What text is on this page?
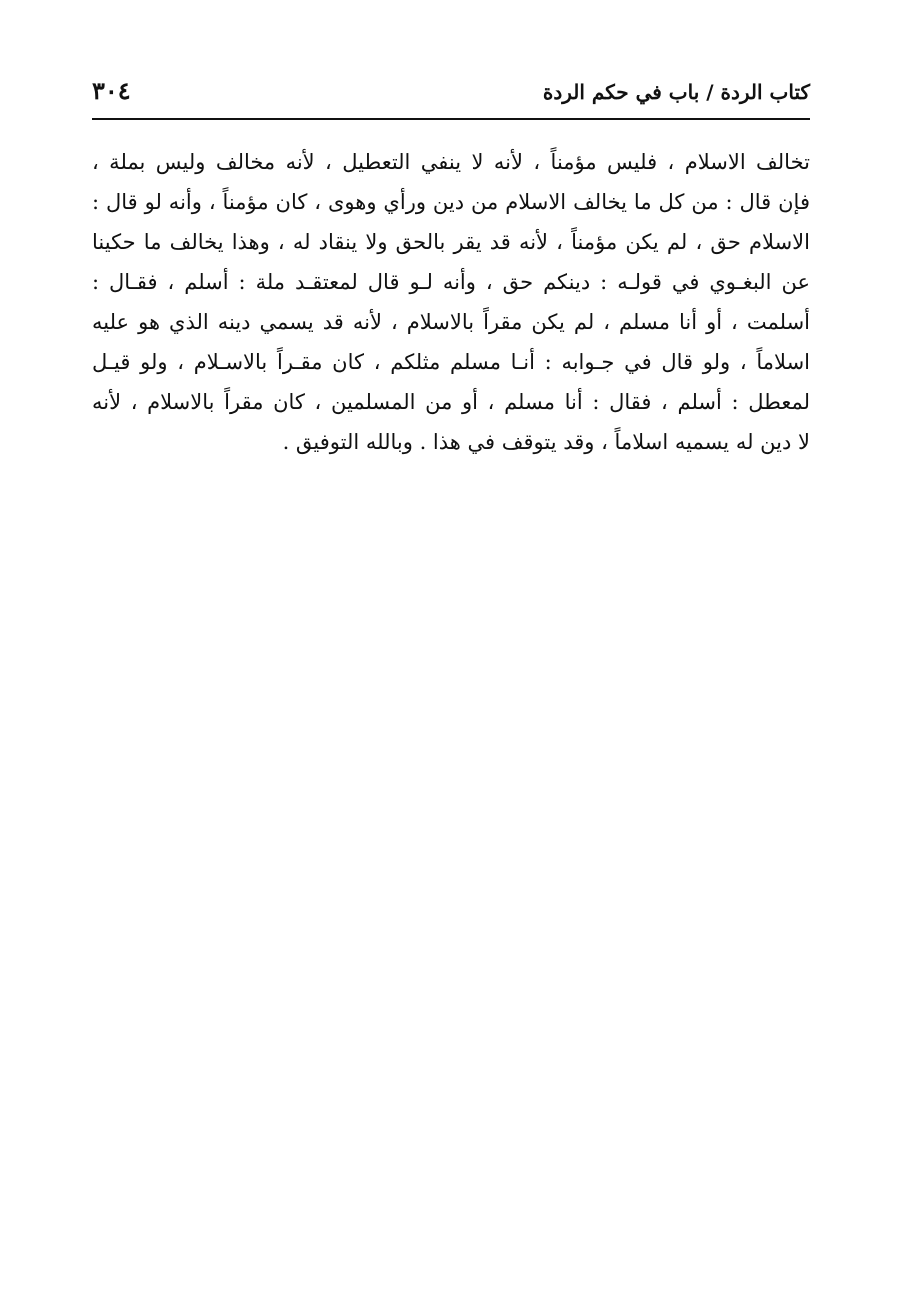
كتاب الردة / باب في حكم الردة
٣٠٤
تخالف الاسلام ، فليس مؤمناً ، لأنه لا ينفي التعطيل ، لأنه مخالف وليس بملة ،
فإن قال : من كل ما يخالف الاسلام من دين ورأي وهوى ، كان مؤمناً ، وأنه لو قال :
الاسلام حق ، لم يكن مؤمناً ، لأنه قد يقر بالحق ولا ينقاد له ، وهذا يخالف ما حكينا
عن البغـوي في قولـه : دينكم حق ، وأنه لـو قال لمعتقـد ملة : أسلم ، فقـال :
أسلمت ، أو أنا مسلم ، لم يكن مقراً بالاسلام ، لأنه قد يسمي دينه الذي هو عليه
اسلاماً ، ولو قال في جـوابه : أنـا مسلم مثلكم ، كان مقـراً بالاسـلام ، ولو قيـل
لمعطل : أسلم ، فقال : أنا مسلم ، أو من المسلمين ، كان مقراً بالاسلام ، لأنه
لا دين له يسميه اسلاماً ، وقد يتوقف في هذا . وبالله التوفيق .
